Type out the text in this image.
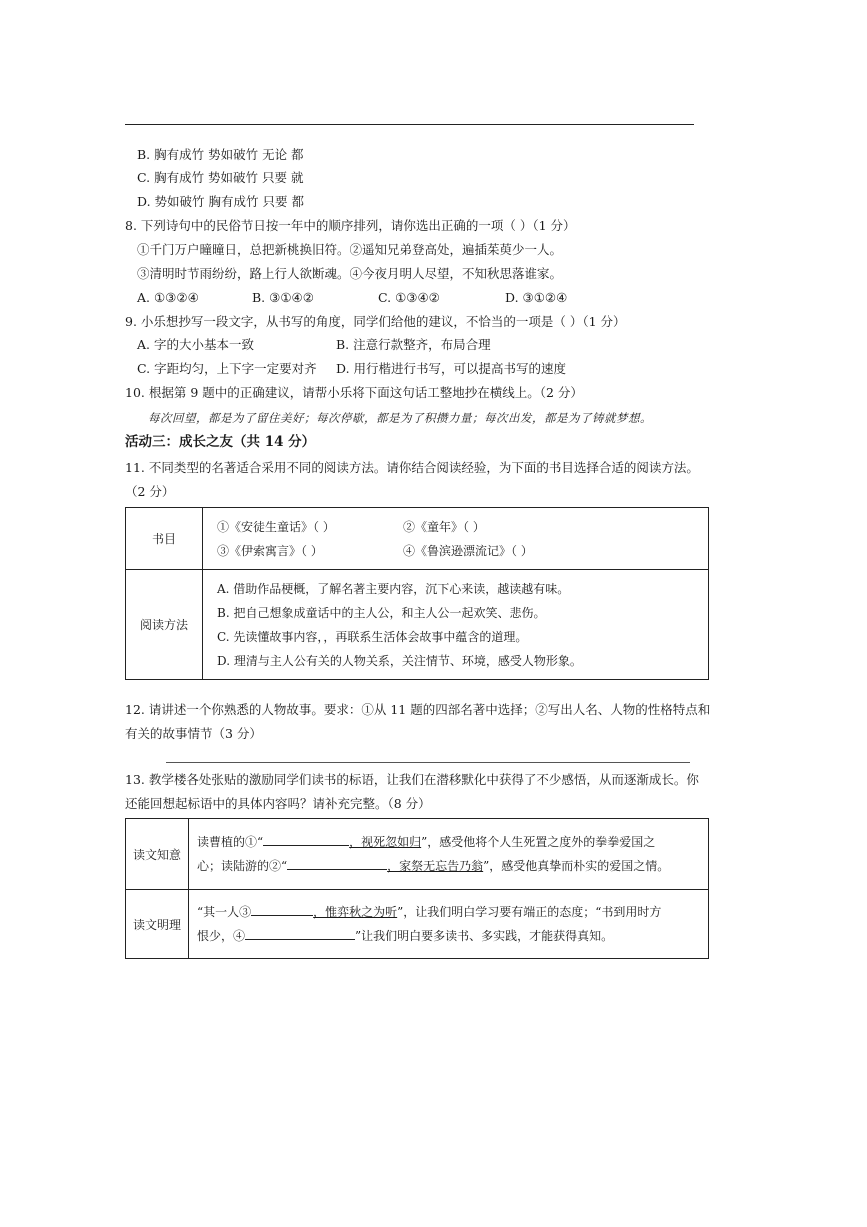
B. 胸有成竹 势如破竹 无论 都
C. 胸有成竹 势如破竹 只要 就
D. 势如破竹 胸有成竹 只要 都
8. 下列诗句中的民俗节日按一年中的顺序排列，请你选出正确的一项（ ）（1 分）
①千门万户曈曈日，总把新桃换旧符。②遥知兄弟登高处，遍插茱萸少一人。
③清明时节雨纷纷，路上行人欲断魂。④今夜月明人尽望，不知秋思落谁家。
A. ①③②④	B. ③①④②	C. ①③④②	D. ③①②④
9. 小乐想抄写一段文字，从书写的角度，同学们给他的建议，不恰当的一项是（ ）（1 分）
A. 字的大小基本一致	B. 注意行款整齐，布局合理
C. 字距均匀，上下字一定要对齐 D. 用行楷进行书写，可以提高书写的速度
10. 根据第 9 题中的正确建议，请帮小乐将下面这句话工整地抄在横线上。（2 分）
每次回望，都是为了留住美好；每次停歇，都是为了积攒力量；每次出发，都是为了铸就梦想。
活动三：成长之友（共 14 分）
11. 不同类型的名著适合采用不同的阅读方法。请你结合阅读经验，为下面的书目选择合适的阅读方法。
（2 分）
书目	①《安徒生童话》（ ） ②《童年》（ ）
③《伊索寓言》（ ） ④《鲁滨逊漂流记》（ ）

阅读方法	A. 借助作品梗概，了解名著主要内容，沉下心来读，越读越有味。
B. 把自己想象成童话中的主人公，和主人公一起欢笑、悲伤。
C. 先读懂故事内容，，再联系生活体会故事中蕴含的道理。
D. 理清与主人公有关的人物关系，关注情节、环境，感受人物形象。
12. 请讲述一个你熟悉的人物故事。要求：①从 11 题的四部名著中选择；②写出人名、人物的性格特点和
有关的故事情节（3 分）
13. 教学楼各处张贴的激励同学们读书的标语，让我们在潜移默化中获得了不少感悟，从而逐渐成长。你
还能回想起标语中的具体内容吗？请补充完整。（8 分）
读文知意	读曹植的①“ ，视死忽如归”，感受他将个人生死置之度外的拳拳爱国之
心；读陆游的②“ ，家祭无忘告乃翁”，感受他真挚而朴实的爱国之情。

读文明理	“其一人③ ，惟弈秋之为听”，让我们明白学习要有端正的态度；“书到用时方
恨少，④ ”让我们明白要多读书、多实践，才能获得真知。
